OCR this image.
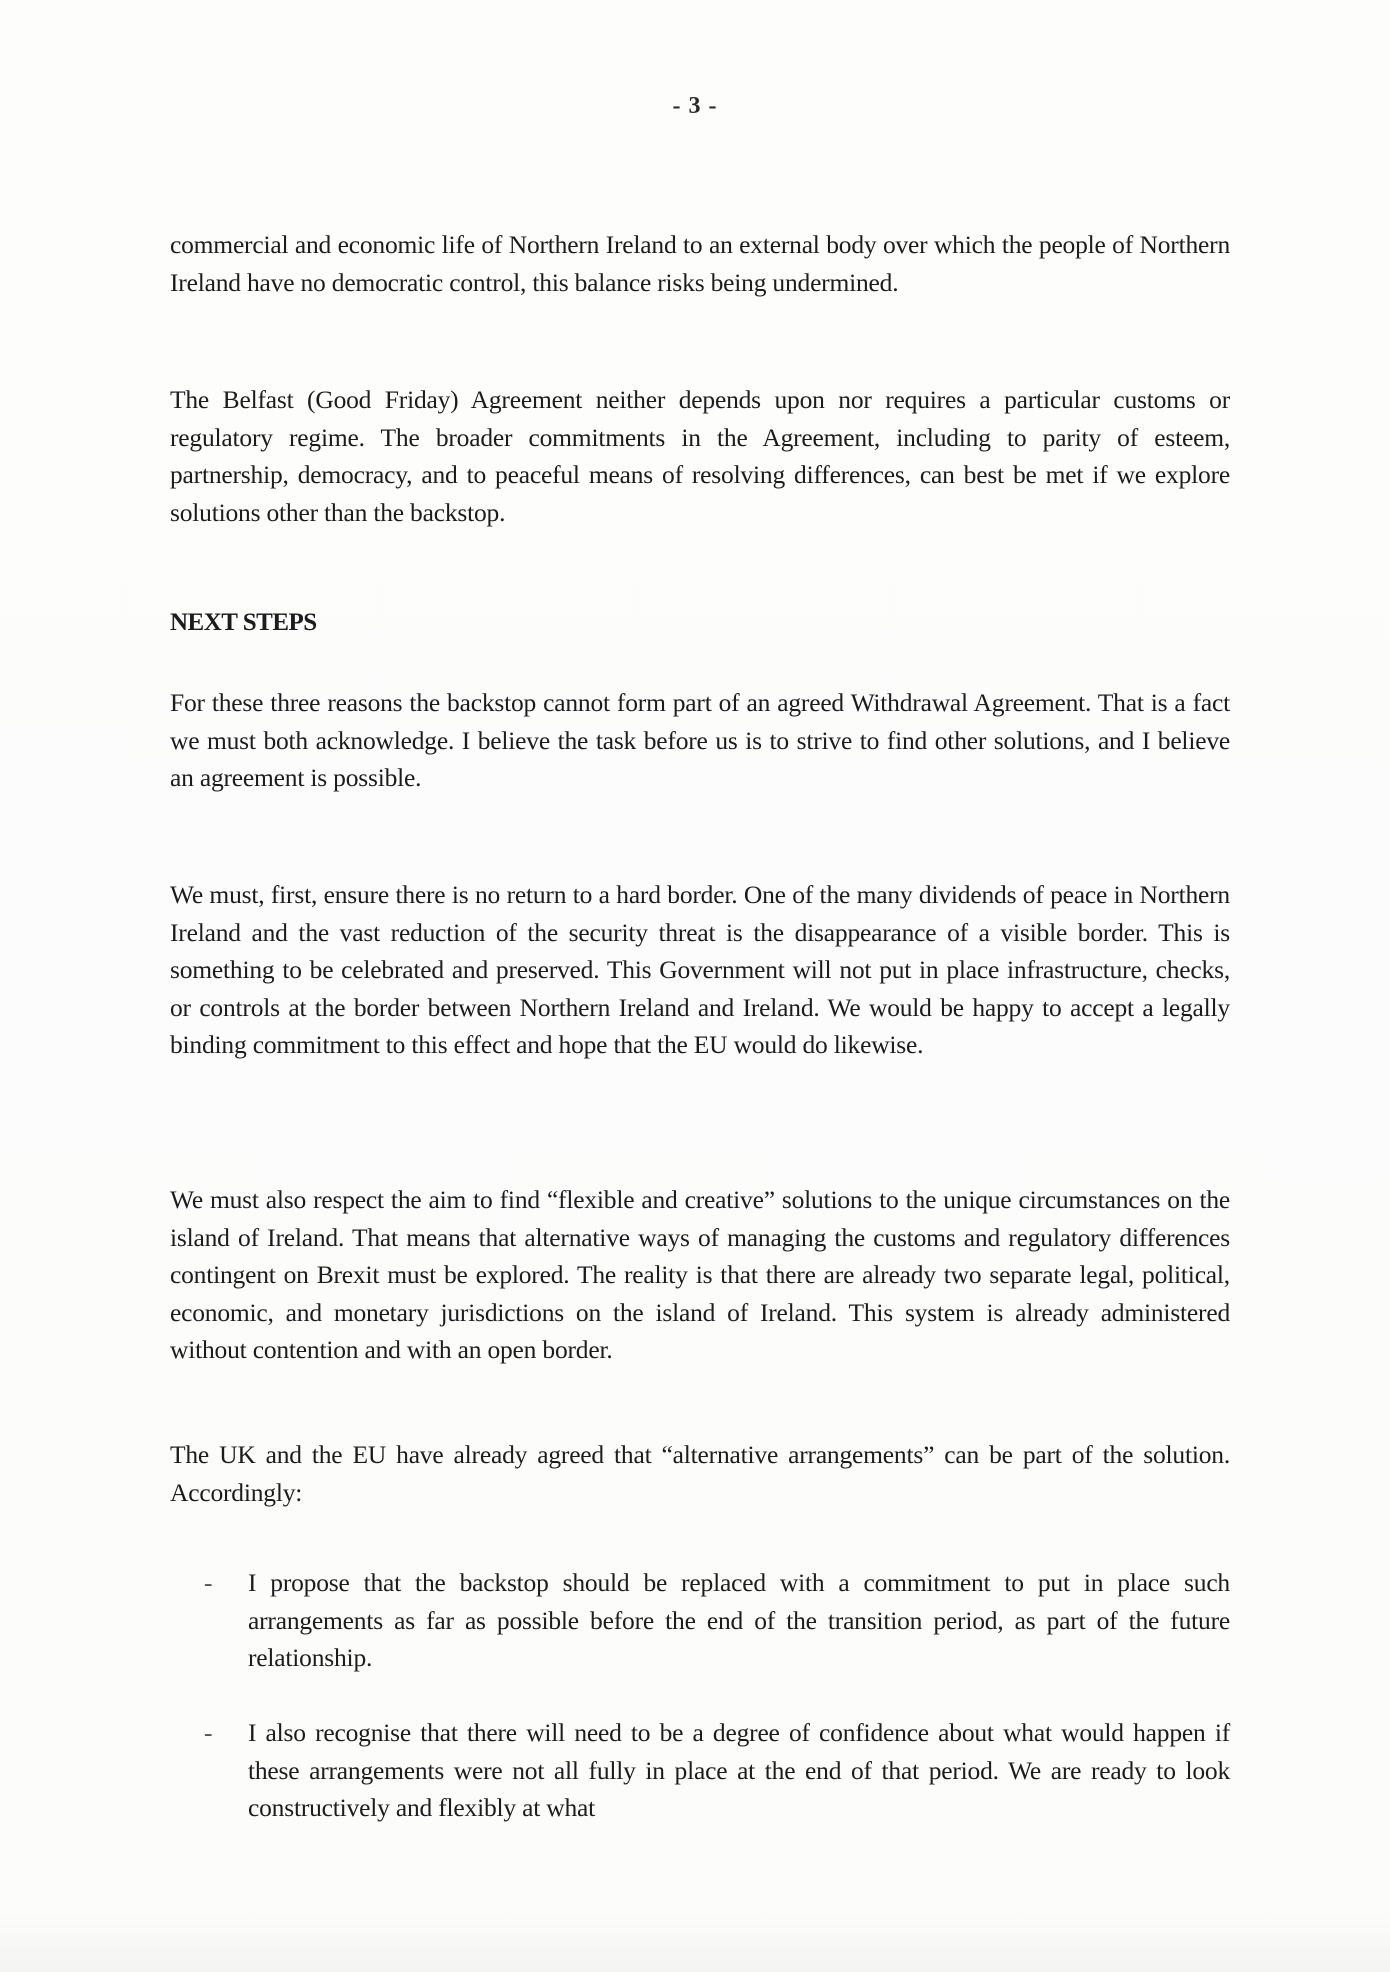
- 3 -

commercial and economic life of Northern Ireland to an external body over which the people of Northern Ireland have no democratic control, this balance risks being undermined.

The Belfast (Good Friday) Agreement neither depends upon nor requires a particular customs or regulatory regime. The broader commitments in the Agreement, including to parity of esteem, partnership, democracy, and to peaceful means of resolving differences, can best be met if we explore solutions other than the backstop.

NEXT STEPS

For these three reasons the backstop cannot form part of an agreed Withdrawal Agreement. That is a fact we must both acknowledge. I believe the task before us is to strive to find other solutions, and I believe an agreement is possible.

We must, first, ensure there is no return to a hard border. One of the many dividends of peace in Northern Ireland and the vast reduction of the security threat is the disappearance of a visible border. This is something to be celebrated and preserved. This Government will not put in place infrastructure, checks, or controls at the border between Northern Ireland and Ireland. We would be happy to accept a legally binding commitment to this effect and hope that the EU would do likewise.

We must also respect the aim to find “flexible and creative” solutions to the unique circumstances on the island of Ireland. That means that alternative ways of managing the customs and regulatory differences contingent on Brexit must be explored. The reality is that there are already two separate legal, political, economic, and monetary jurisdictions on the island of Ireland. This system is already administered without contention and with an open border.

The UK and the EU have already agreed that “alternative arrangements” can be part of the solution. Accordingly:

-	I propose that the backstop should be replaced with a commitment to put in place such arrangements as far as possible before the end of the transition period, as part of the future relationship.
-	I also recognise that there will need to be a degree of confidence about what would happen if these arrangements were not all fully in place at the end of that period. We are ready to look constructively and flexibly at what
